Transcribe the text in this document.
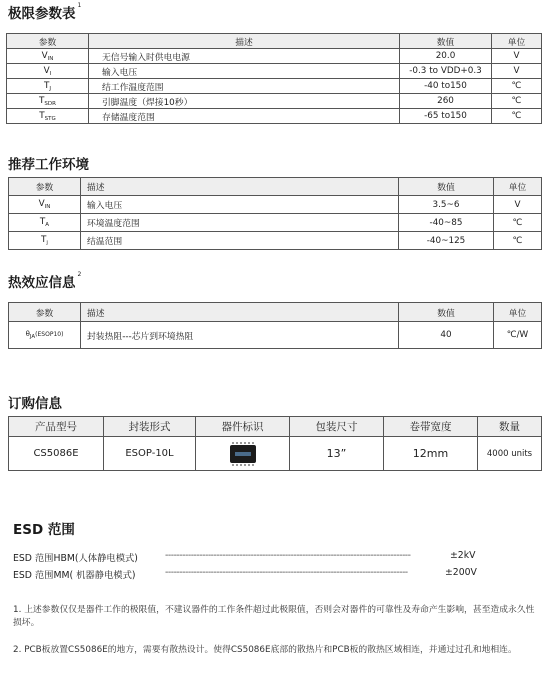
极限参数表$^1$
参数	描述	数值	单位
$V_{IN}$	无信号输入时供电电源	20.0	V
$V_I$	输入电压	-0.3 to VDD+0.3	V
$T_J$	结工作温度范围	-40 to150	℃
$T_{SDR}$	引脚温度（焊接10秒）	260	℃
$T_{STG}$	存储温度范围	-65 to150	℃
推荐工作环境
参数	描述	数值	单位
$V_{IN}$	输入电压	3.5~6	V
$T_A$	环境温度范围	-40~85	℃
$T_j$	结温范围	-40~125	℃
热效应信息$^2$
参数	描述	数值	单位
$\theta_{JA}(ESOP10)$	封装热阻---芯片到环境热阻	40	℃/W
订购信息
产品型号	封装形式	器件标识	包装尺寸	卷带宽度	数量
CS5086E	ESOP-10L		13”	12mm	4000 units
ESD 范围
ESD 范围HBM(人体静电模式)	--------------------------------------------------------------------------------------	±2kV
ESD 范围MM( 机器静电模式)	-------------------------------------------------------------------------------------	±200V
1. 上述参数仅仅是器件工作的极限值，不建议器件的工作条件超过此极限值，否则会对器件的可靠性及寿命产生影响，甚至造成永久性损坏。
2. PCB板放置CS5086E的地方，需要有散热设计。使得CS5086E底部的散热片和PCB板的散热区域相连，并通过过孔和地相连。
